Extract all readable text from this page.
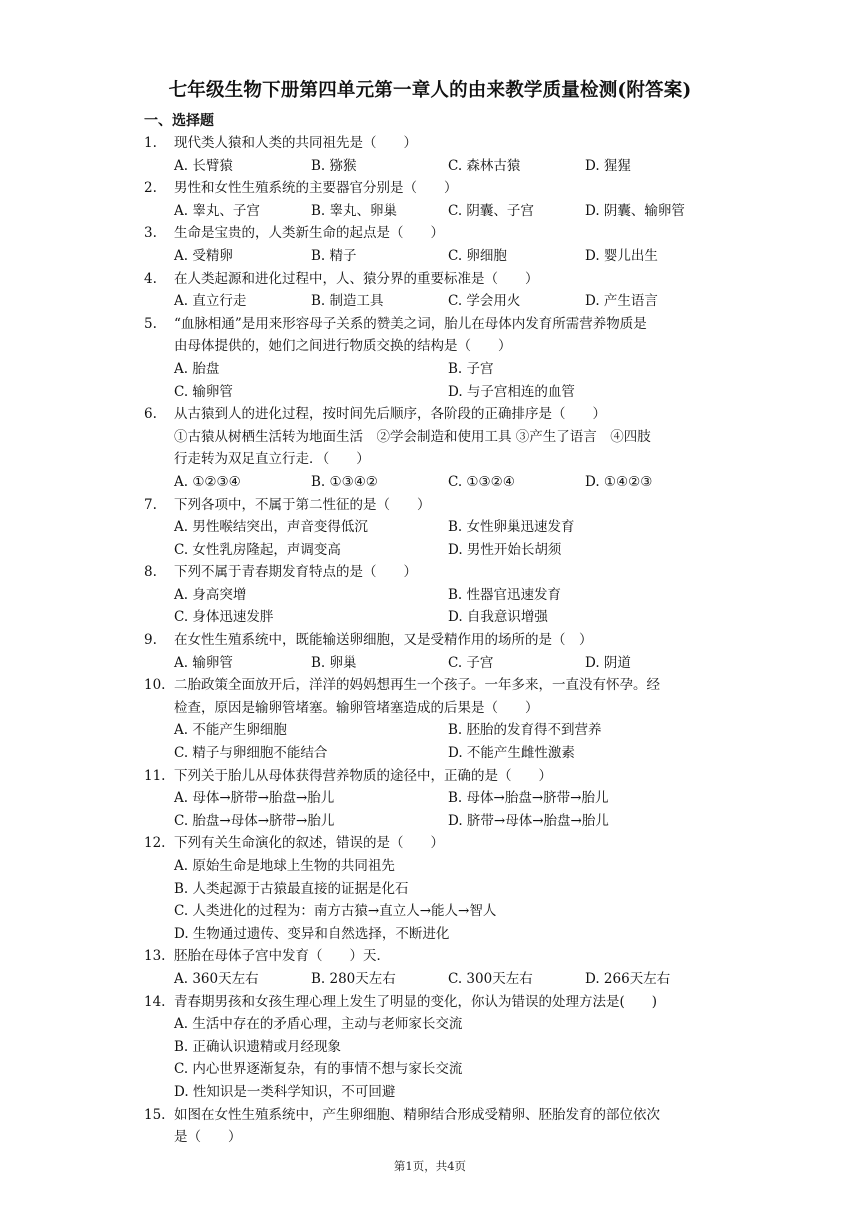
七年级生物下册第四单元第一章人的由来教学质量检测(附答案)
一、选择题
1.	现代类人猿和人类的共同祖先是（　　）
A. 长臂猿	B. 猕猴	C. 森林古猿	D. 猩猩
2.	男性和女性生殖系统的主要器官分别是（　　）
A. 睾丸、子宫	B. 睾丸、卵巢	C. 阴囊、子宫	D. 阴囊、输卵管
3.	生命是宝贵的，人类新生命的起点是（　　）
A. 受精卵	B. 精子	C. 卵细胞	D. 婴儿出生
4.	在人类起源和进化过程中，人、猿分界的重要标准是（　　）
A. 直立行走	B. 制造工具	C. 学会用火	D. 产生语言
5.	“血脉相通”是用来形容母子关系的赞美之词，胎儿在母体内发育所需营养物质是
由母体提供的，她们之间进行物质交换的结构是（　　）
A. 胎盘	B. 子宫
C. 输卵管	D. 与子宫相连的血管
6.	从古猿到人的进化过程，按时间先后顺序，各阶段的正确排序是（　　）
①古猿从树栖生活转为地面生活　②学会制造和使用工具 ③产生了语言　④四肢
行走转为双足直立行走．（　　）
A. ①②③④	B. ①③④②	C. ①③②④	D. ①④②③
7.	下列各项中，不属于第二性征的是（　　）
A. 男性喉结突出，声音变得低沉	B. 女性卵巢迅速发育
C. 女性乳房隆起，声调变高	D. 男性开始长胡须
8.	下列不属于青春期发育特点的是（　　）
A. 身高突增	B. 性器官迅速发育
C. 身体迅速发胖	D. 自我意识增强
9.	在女性生殖系统中，既能输送卵细胞，又是受精作用的场所的是（　）
A. 输卵管	B. 卵巢	C. 子宫	D. 阴道
10. 二胎政策全面放开后，洋洋的妈妈想再生一个孩子。一年多来，一直没有怀孕。经
检查，原因是输卵管堵塞。输卵管堵塞造成的后果是（　　）
A. 不能产生卵细胞	B. 胚胎的发育得不到营养
C. 精子与卵细胞不能结合	D. 不能产生雌性激素
11. 下列关于胎儿从母体获得营养物质的途径中，正确的是（　　）
A. 母体→脐带→胎盘→胎儿	B. 母体→胎盘→脐带→胎儿
C. 胎盘→母体→脐带→胎儿	D. 脐带→母体→胎盘→胎儿
12. 下列有关生命演化的叙述，错误的是（　　）
A. 原始生命是地球上生物的共同祖先
B. 人类起源于古猿最直接的证据是化石
C. 人类进化的过程为：南方古猿→直立人→能人→智人
D. 生物通过遗传、变异和自然选择，不断进化
13. 胚胎在母体子宫中发育（　　）天．
A. 360天左右	B. 280天左右	C. 300天左右	D. 266天左右
14. 青春期男孩和女孩生理心理上发生了明显的变化，你认为错误的处理方法是(　　)
A. 生活中存在的矛盾心理，主动与老师家长交流
B. 正确认识遗精或月经现象
C. 内心世界逐渐复杂，有的事情不想与家长交流
D. 性知识是一类科学知识，不可回避
15. 如图在女性生殖系统中，产生卵细胞、精卵结合形成受精卵、胚胎发育的部位依次
是（　　）
第1页，共4页
